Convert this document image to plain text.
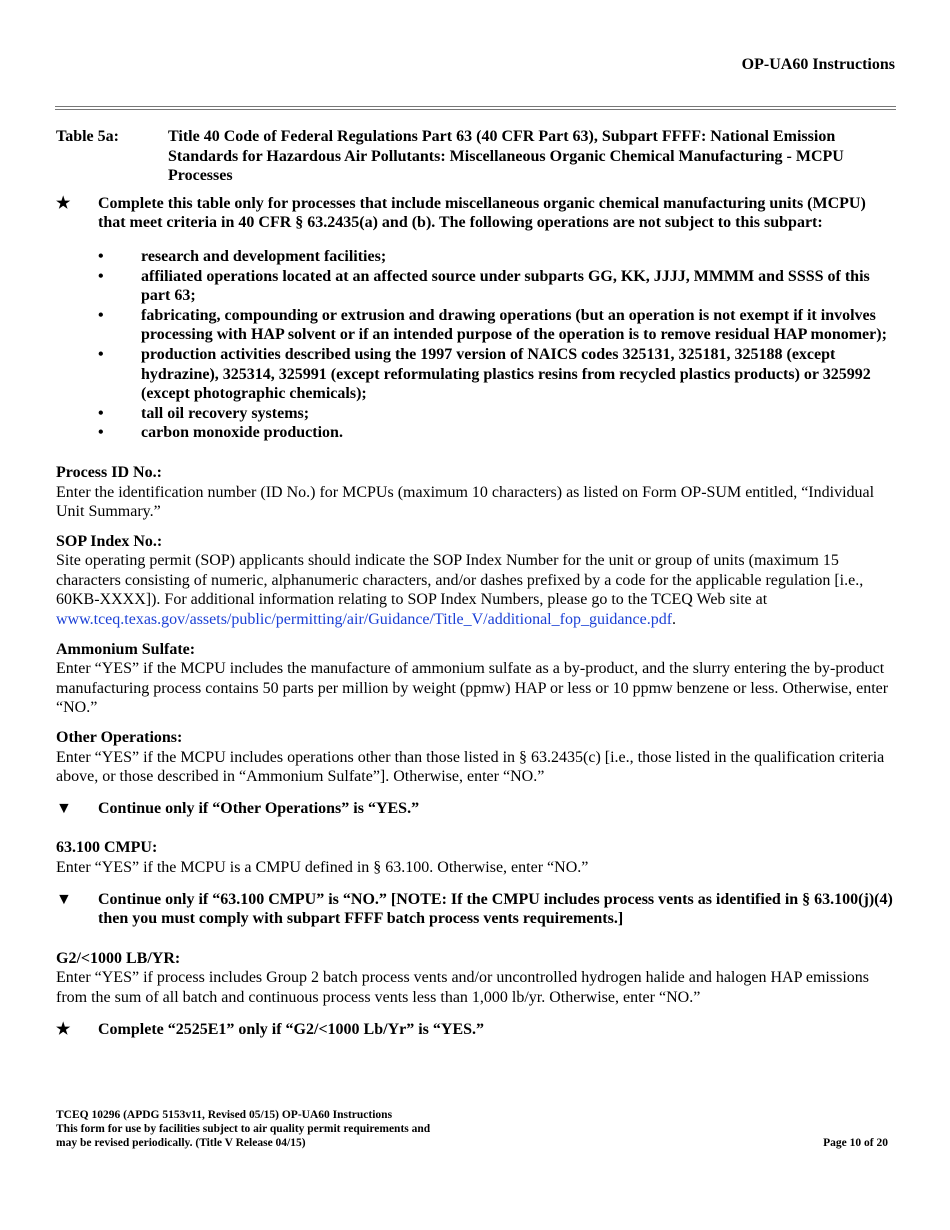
OP-UA60 Instructions
Table 5a:	Title 40 Code of Federal Regulations Part 63 (40 CFR Part 63), Subpart FFFF: National Emission Standards for Hazardous Air Pollutants: Miscellaneous Organic Chemical Manufacturing - MCPU Processes
★	Complete this table only for processes that include miscellaneous organic chemical manufacturing units (MCPU) that meet criteria in 40 CFR § 63.2435(a) and (b). The following operations are not subject to this subpart:
•	research and development facilities;
•	affiliated operations located at an affected source under subparts GG, KK, JJJJ, MMMM and SSSS of this part 63;
•	fabricating, compounding or extrusion and drawing operations (but an operation is not exempt if it involves processing with HAP solvent or if an intended purpose of the operation is to remove residual HAP monomer);
•	production activities described using the 1997 version of NAICS codes 325131, 325181, 325188 (except hydrazine), 325314, 325991 (except reformulating plastics resins from recycled plastics products) or 325992 (except photographic chemicals);
•	tall oil recovery systems;
•	carbon monoxide production.
Process ID No.:
Enter the identification number (ID No.) for MCPUs (maximum 10 characters) as listed on Form OP-SUM entitled, “Individual Unit Summary.”
SOP Index No.:
Site operating permit (SOP) applicants should indicate the SOP Index Number for the unit or group of units (maximum 15 characters consisting of numeric, alphanumeric characters, and/or dashes prefixed by a code for the applicable regulation [i.e., 60KB-XXXX]). For additional information relating to SOP Index Numbers, please go to the TCEQ Web site at www.tceq.texas.gov/assets/public/permitting/air/Guidance/Title_V/additional_fop_guidance.pdf.
Ammonium Sulfate:
Enter “YES” if the MCPU includes the manufacture of ammonium sulfate as a by-product, and the slurry entering the by-product manufacturing process contains 50 parts per million by weight (ppmw) HAP or less or 10 ppmw benzene or less. Otherwise, enter “NO.”
Other Operations:
Enter “YES” if the MCPU includes operations other than those listed in § 63.2435(c) [i.e., those listed in the qualification criteria above, or those described in “Ammonium Sulfate”]. Otherwise, enter “NO.”
▼	Continue only if “Other Operations” is “YES.”
63.100 CMPU:
Enter “YES” if the MCPU is a CMPU defined in § 63.100. Otherwise, enter “NO.”
▼	Continue only if “63.100 CMPU” is “NO.” [NOTE: If the CMPU includes process vents as identified in § 63.100(j)(4) then you must comply with subpart FFFF batch process vents requirements.]
G2/<1000 LB/YR:
Enter “YES” if process includes Group 2 batch process vents and/or uncontrolled hydrogen halide and halogen HAP emissions from the sum of all batch and continuous process vents less than 1,000 lb/yr. Otherwise, enter “NO.”
★	Complete “2525E1” only if “G2/<1000 Lb/Yr” is “YES.”
TCEQ 10296 (APDG 5153v11, Revised 05/15) OP-UA60 Instructions
This form for use by facilities subject to air quality permit requirements and
may be revised periodically. (Title V Release 04/15)	Page 10 of 20
